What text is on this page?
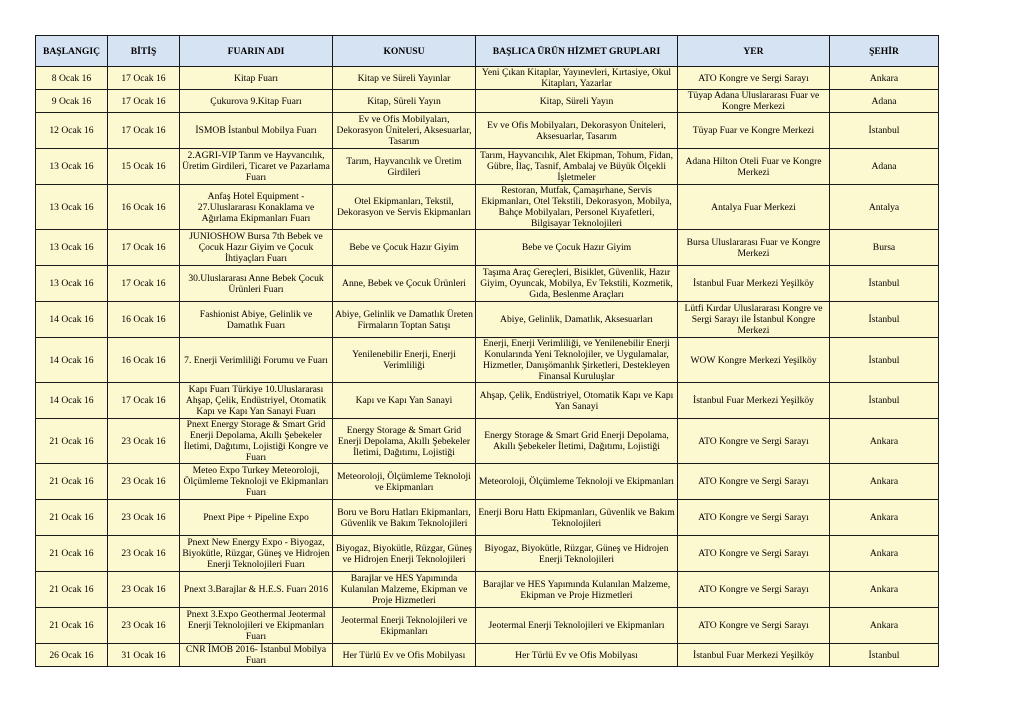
BAŞLANGIÇ	BİTİŞ	FUARIN ADI	KONUSU	BAŞLICA ÜRÜN HİZMET GRUPLARI	YER	ŞEHİR
8 Ocak 16	17 Ocak 16	Kitap Fuarı	Kitap ve Süreli Yayınlar	Yeni Çıkan Kitaplar, Yayınevleri, Kırtasiye, Okul Kitapları, Yazarlar	ATO Kongre ve Sergi Sarayı	Ankara
9 Ocak 16	17 Ocak 16	Çukurova 9.Kitap Fuarı	Kitap, Süreli Yayın	Kitap, Süreli Yayın	Tüyap Adana Uluslararası Fuar ve Kongre Merkezi	Adana
12 Ocak 16	17 Ocak 16	İSMOB İstanbul Mobilya Fuarı	Ev ve Ofis Mobilyaları, Dekorasyon Üniteleri, Aksesuarlar, Tasarım	Ev ve Ofis Mobilyaları, Dekorasyon Üniteleri, Aksesuarlar, Tasarım	Tüyap Fuar ve Kongre Merkezi	İstanbul
13 Ocak 16	15 Ocak 16	2.AGRI-VIP Tarım ve Hayvancılık, Üretim Girdileri, Ticaret ve Pazarlama Fuarı	Tarım, Hayvancılık ve Üretim Girdileri	Tarım, Hayvancılık, Alet Ekipman, Tohum, Fidan, Gübre, İlaç, Tasnif, Ambalaj ve Büyük Ölçekli İşletmeler	Adana Hilton Oteli Fuar ve Kongre Merkezi	Adana
13 Ocak 16	16 Ocak 16	Anfaş Hotel Equipment - 27.Uluslararası Konaklama ve Ağırlama Ekipmanları Fuarı	Otel Ekipmanları, Tekstil, Dekorasyon ve Servis Ekipmanları	Restoran, Mutfak, Çamaşırhane, Servis Ekipmanları, Otel Tekstili, Dekorasyon, Mobilya, Bahçe Mobilyaları, Personel Kıyafetleri, Bilgisayar Teknolojileri	Antalya Fuar Merkezi	Antalya
13 Ocak 16	17 Ocak 16	JUNIOSHOW Bursa 7th Bebek ve Çocuk Hazır Giyim ve Çocuk İhtiyaçları Fuarı	Bebe ve Çocuk Hazır Giyim	Bebe ve Çocuk Hazır Giyim	Bursa Uluslararası Fuar ve Kongre Merkezi	Bursa
13 Ocak 16	17 Ocak 16	30.Uluslararası Anne Bebek Çocuk Ürünleri Fuarı	Anne, Bebek ve Çocuk Ürünleri	Taşıma Araç Gereçleri, Bisiklet, Güvenlik, Hazır Giyim, Oyuncak, Mobilya, Ev Tekstili, Kozmetik, Gıda, Beslenme Araçları	İstanbul Fuar Merkezi Yeşilköy	İstanbul
14 Ocak 16	16 Ocak 16	Fashionist Abiye, Gelinlik ve Damatlık Fuarı	Abiye, Gelinlik ve Damatlık Üreten Firmaların Toptan Satışı	Abiye, Gelinlik, Damatlık, Aksesuarları	Lütfi Kırdar Uluslararası Kongre ve Sergi Sarayı ile İstanbul Kongre Merkezi	İstanbul
14 Ocak 16	16 Ocak 16	7. Enerji Verimliliği Forumu ve Fuarı	Yenilenebilir Enerji, Enerji Verimliliği	Enerji, Enerji Verimliliği, ve Yenilenebilir Enerji Konularında Yeni Teknolojiler, ve Uygulamalar, Hizmetler, Danışömanlık Şirketleri, Destekleyen Finansal Kuruluşlar	WOW Kongre Merkezi Yeşilköy	İstanbul
14 Ocak 16	17 Ocak 16	Kapı Fuarı Türkiye 10.Uluslararası Ahşap, Çelik, Endüstriyel, Otomatik Kapı ve Kapı Yan Sanayi Fuarı	Kapı ve Kapı Yan Sanayi	Ahşap, Çelik, Endüstriyel, Otomatik Kapı ve Kapı Yan Sanayi	İstanbul Fuar Merkezi Yeşilköy	İstanbul
21 Ocak 16	23 Ocak 16	Pnext Energy Storage & Smart Grid Enerji Depolama, Akıllı Şebekeler İletimi, Dağıtımı, Lojistiği Kongre ve Fuarı	Energy Storage & Smart Grid Enerji Depolama, Akıllı Şebekeler İletimi, Dağıtımı, Lojistiği	Energy Storage & Smart Grid Enerji Depolama, Akıllı Şebekeler İletimi, Dağıtımı, Lojistiği	ATO Kongre ve Sergi Sarayı	Ankara
21 Ocak 16	23 Ocak 16	Meteo Expo Turkey Meteoroloji, Ölçümleme Teknoloji ve Ekipmanları Fuarı	Meteoroloji, Ölçümleme Teknoloji ve Ekipmanları	Meteoroloji, Ölçümleme Teknoloji ve Ekipmanları	ATO Kongre ve Sergi Sarayı	Ankara
21 Ocak 16	23 Ocak 16	Pnext Pipe + Pipeline Expo	Boru ve Boru Hatları Ekipmanları, Güvenlik ve Bakım Teknolojileri	Enerji Boru Hattı Ekipmanları, Güvenlik ve Bakım Teknolojileri	ATO Kongre ve Sergi Sarayı	Ankara
21 Ocak 16	23 Ocak 16	Pnext New Energy Expo - Biyogaz, Biyokütle, Rüzgar, Güneş ve Hidrojen Enerji Teknolojileri Fuarı	Biyogaz, Biyokütle, Rüzgar, Güneş ve Hidrojen Enerji Teknolojileri	Biyogaz, Biyokütle, Rüzgar, Güneş ve Hidrojen Enerji Teknolojileri	ATO Kongre ve Sergi Sarayı	Ankara
21 Ocak 16	23 Ocak 16	Pnext 3.Barajlar & H.E.S. Fuarı 2016	Barajlar ve HES Yapımında Kulanılan Malzeme, Ekipman ve Proje Hizmetleri	Barajlar ve HES Yapımında Kulanılan Malzeme, Ekipman ve Proje Hizmetleri	ATO Kongre ve Sergi Sarayı	Ankara
21 Ocak 16	23 Ocak 16	Pnext 3.Expo Geothermal Jeotermal Enerji Teknolojileri ve Ekipmanları Fuarı	Jeotermal Enerji Teknolojileri ve Ekipmanları	Jeotermal Enerji Teknolojileri ve Ekipmanları	ATO Kongre ve Sergi Sarayı	Ankara
26 Ocak 16	31 Ocak 16	CNR İMOB 2016- İstanbul Mobilya Fuarı	Her Türlü Ev ve Ofis Mobilyası	Her Türlü Ev ve Ofis Mobilyası	İstanbul Fuar Merkezi Yeşilköy	İstanbul
